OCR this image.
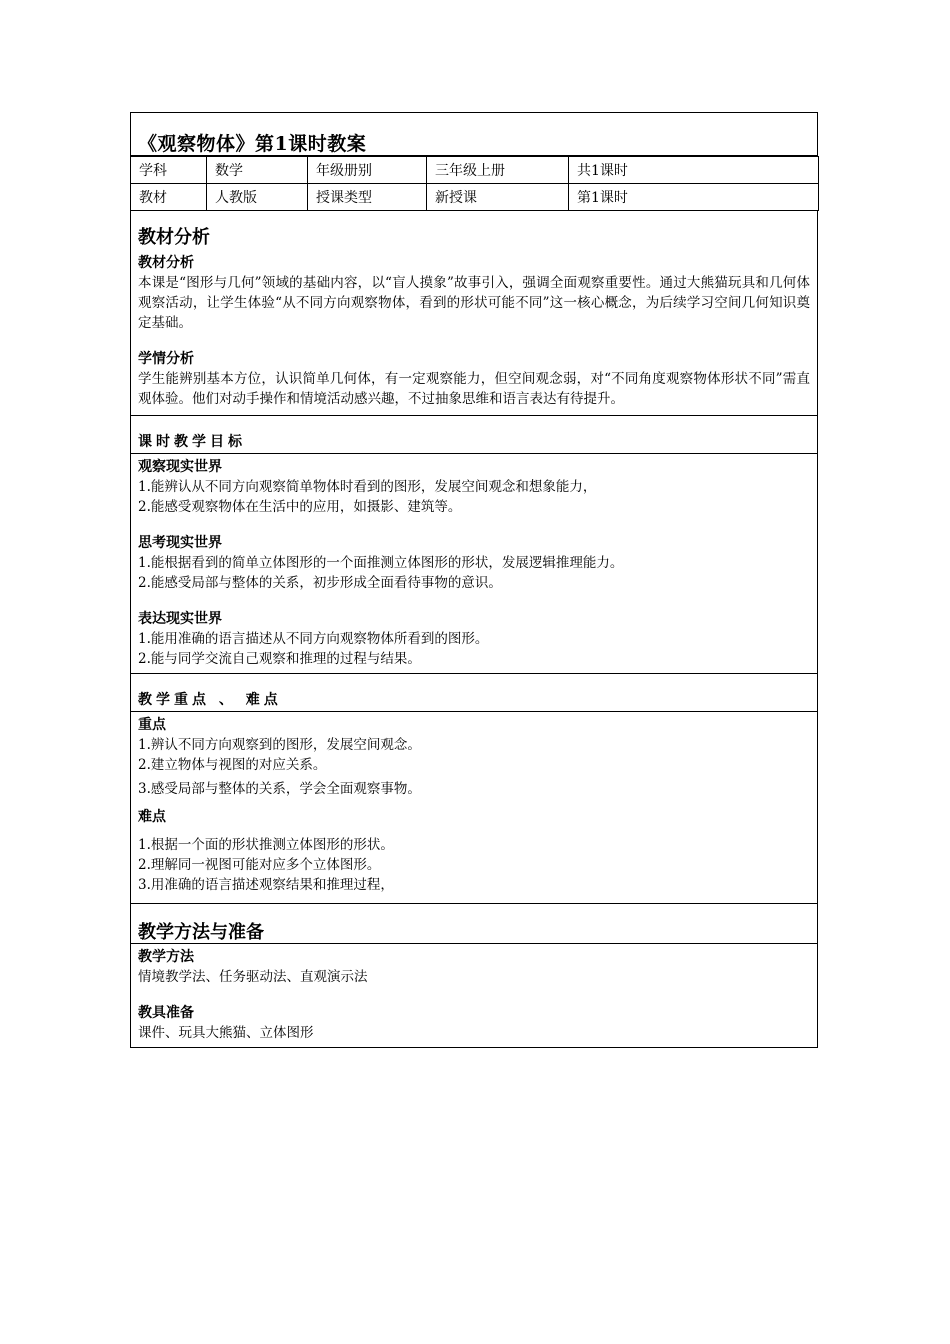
《观察物体》第1课时教案
学科	数学	年级册别	三年级上册	共1课时
教材	人教版	授课类型	新授课	第1课时
教材分析
教材分析
本课是“图形与几何”领域的基础内容，以“盲人摸象”故事引入，强调全面观察重要性。通过大熊猫玩具和几何体观察活动，让学生体验“从不同方向观察物体，看到的形状可能不同”这一核心概念，为后续学习空间几何知识奠定基础。
学情分析
学生能辨别基本方位，认识简单几何体，有一定观察能力，但空间观念弱，对“不同角度观察物体形状不同”需直观体验。他们对动手操作和情境活动感兴趣，不过抽象思维和语言表达有待提升。
课时教学目标
观察现实世界
1.能辨认从不同方向观察简单物体时看到的图形，发展空间观念和想象能力，
2.能感受观察物体在生活中的应用，如摄影、建筑等。
思考现实世界
1.能根据看到的简单立体图形的一个面推测立体图形的形状，发展逻辑推理能力。
2.能感受局部与整体的关系，初步形成全面看待事物的意识。
表达现实世界
1.能用准确的语言描述从不同方向观察物体所看到的图形。
2.能与同学交流自己观察和推理的过程与结果。
教学重点 、 难点
重点
1.辨认不同方向观察到的图形，发展空间观念。
2.建立物体与视图的对应关系。
3.感受局部与整体的关系，学会全面观察事物。
难点
1.根据一个面的形状推测立体图形的形状。
2.理解同一视图可能对应多个立体图形。
3.用准确的语言描述观察结果和推理过程，
教学方法与准备
教学方法
情境教学法、任务驱动法、直观演示法
教具准备
课件、玩具大熊猫、立体图形
